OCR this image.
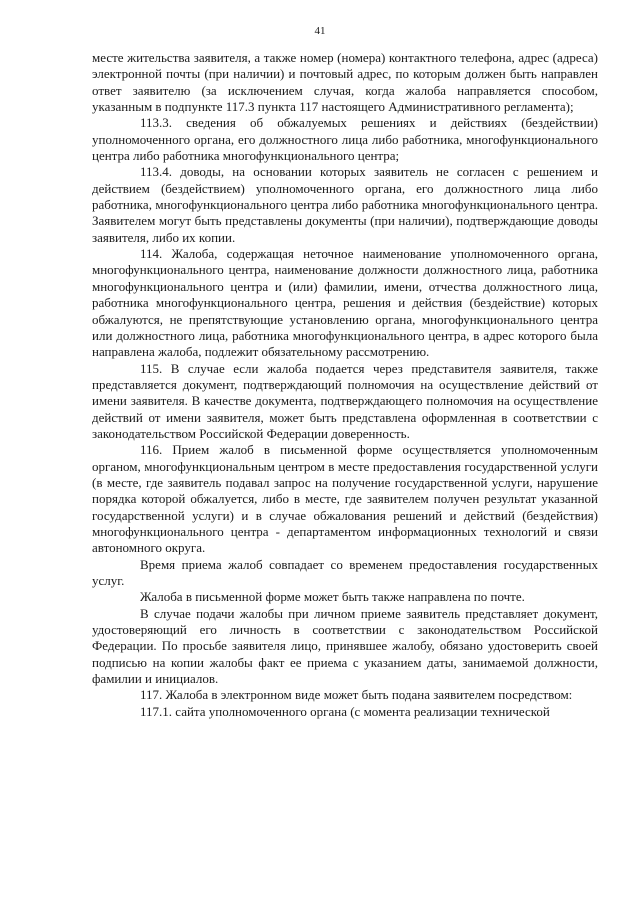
41

месте жительства заявителя, а также номер (номера) контактного телефона, адрес (адреса) электронной почты (при наличии) и почтовый адрес, по которым должен быть направлен ответ заявителю (за исключением случая, когда жалоба направляется способом, указанным в подпункте 117.3 пункта 117 настоящего Административного регламента);

113.3. сведения об обжалуемых решениях и действиях (бездействии) уполномоченного органа, его должностного лица либо работника, многофункционального центра либо работника многофункционального центра;

113.4. доводы, на основании которых заявитель не согласен с решением и действием (бездействием) уполномоченного органа, его должностного лица либо работника, многофункционального центра либо работника многофункционального центра. Заявителем могут быть представлены документы (при наличии), подтверждающие доводы заявителя, либо их копии.

114. Жалоба, содержащая неточное наименование уполномоченного органа, многофункционального центра, наименование должности должностного лица, работника многофункционального центра и (или) фамилии, имени, отчества должностного лица, работника многофункционального центра, решения и действия (бездействие) которых обжалуются, не препятствующие установлению органа, многофункционального центра или должностного лица, работника многофункционального центра, в адрес которого была направлена жалоба, подлежит обязательному рассмотрению.

115. В случае если жалоба подается через представителя заявителя, также представляется документ, подтверждающий полномочия на осуществление действий от имени заявителя. В качестве документа, подтверждающего полномочия на осуществление действий от имени заявителя, может быть представлена оформленная в соответствии с законодательством Российской Федерации доверенность.

116. Прием жалоб в письменной форме осуществляется уполномоченным органом, многофункциональным центром в месте предоставления государственной услуги (в месте, где заявитель подавал запрос на получение государственной услуги, нарушение порядка которой обжалуется, либо в месте, где заявителем получен результат указанной государственной услуги) и в случае обжалования решений и действий (бездействия) многофункционального центра - департаментом информационных технологий и связи автономного округа.

Время приема жалоб совпадает со временем предоставления государственных услуг.

Жалоба в письменной форме может быть также направлена по почте.

В случае подачи жалобы при личном приеме заявитель представляет документ, удостоверяющий его личность в соответствии с законодательством Российской Федерации. По просьбе заявителя лицо, принявшее жалобу, обязано удостоверить своей подписью на копии жалобы факт ее приема с указанием даты, занимаемой должности, фамилии и инициалов.

117. Жалоба в электронном виде может быть подана заявителем посредством:

117.1. сайта уполномоченного органа (с момента реализации технической
